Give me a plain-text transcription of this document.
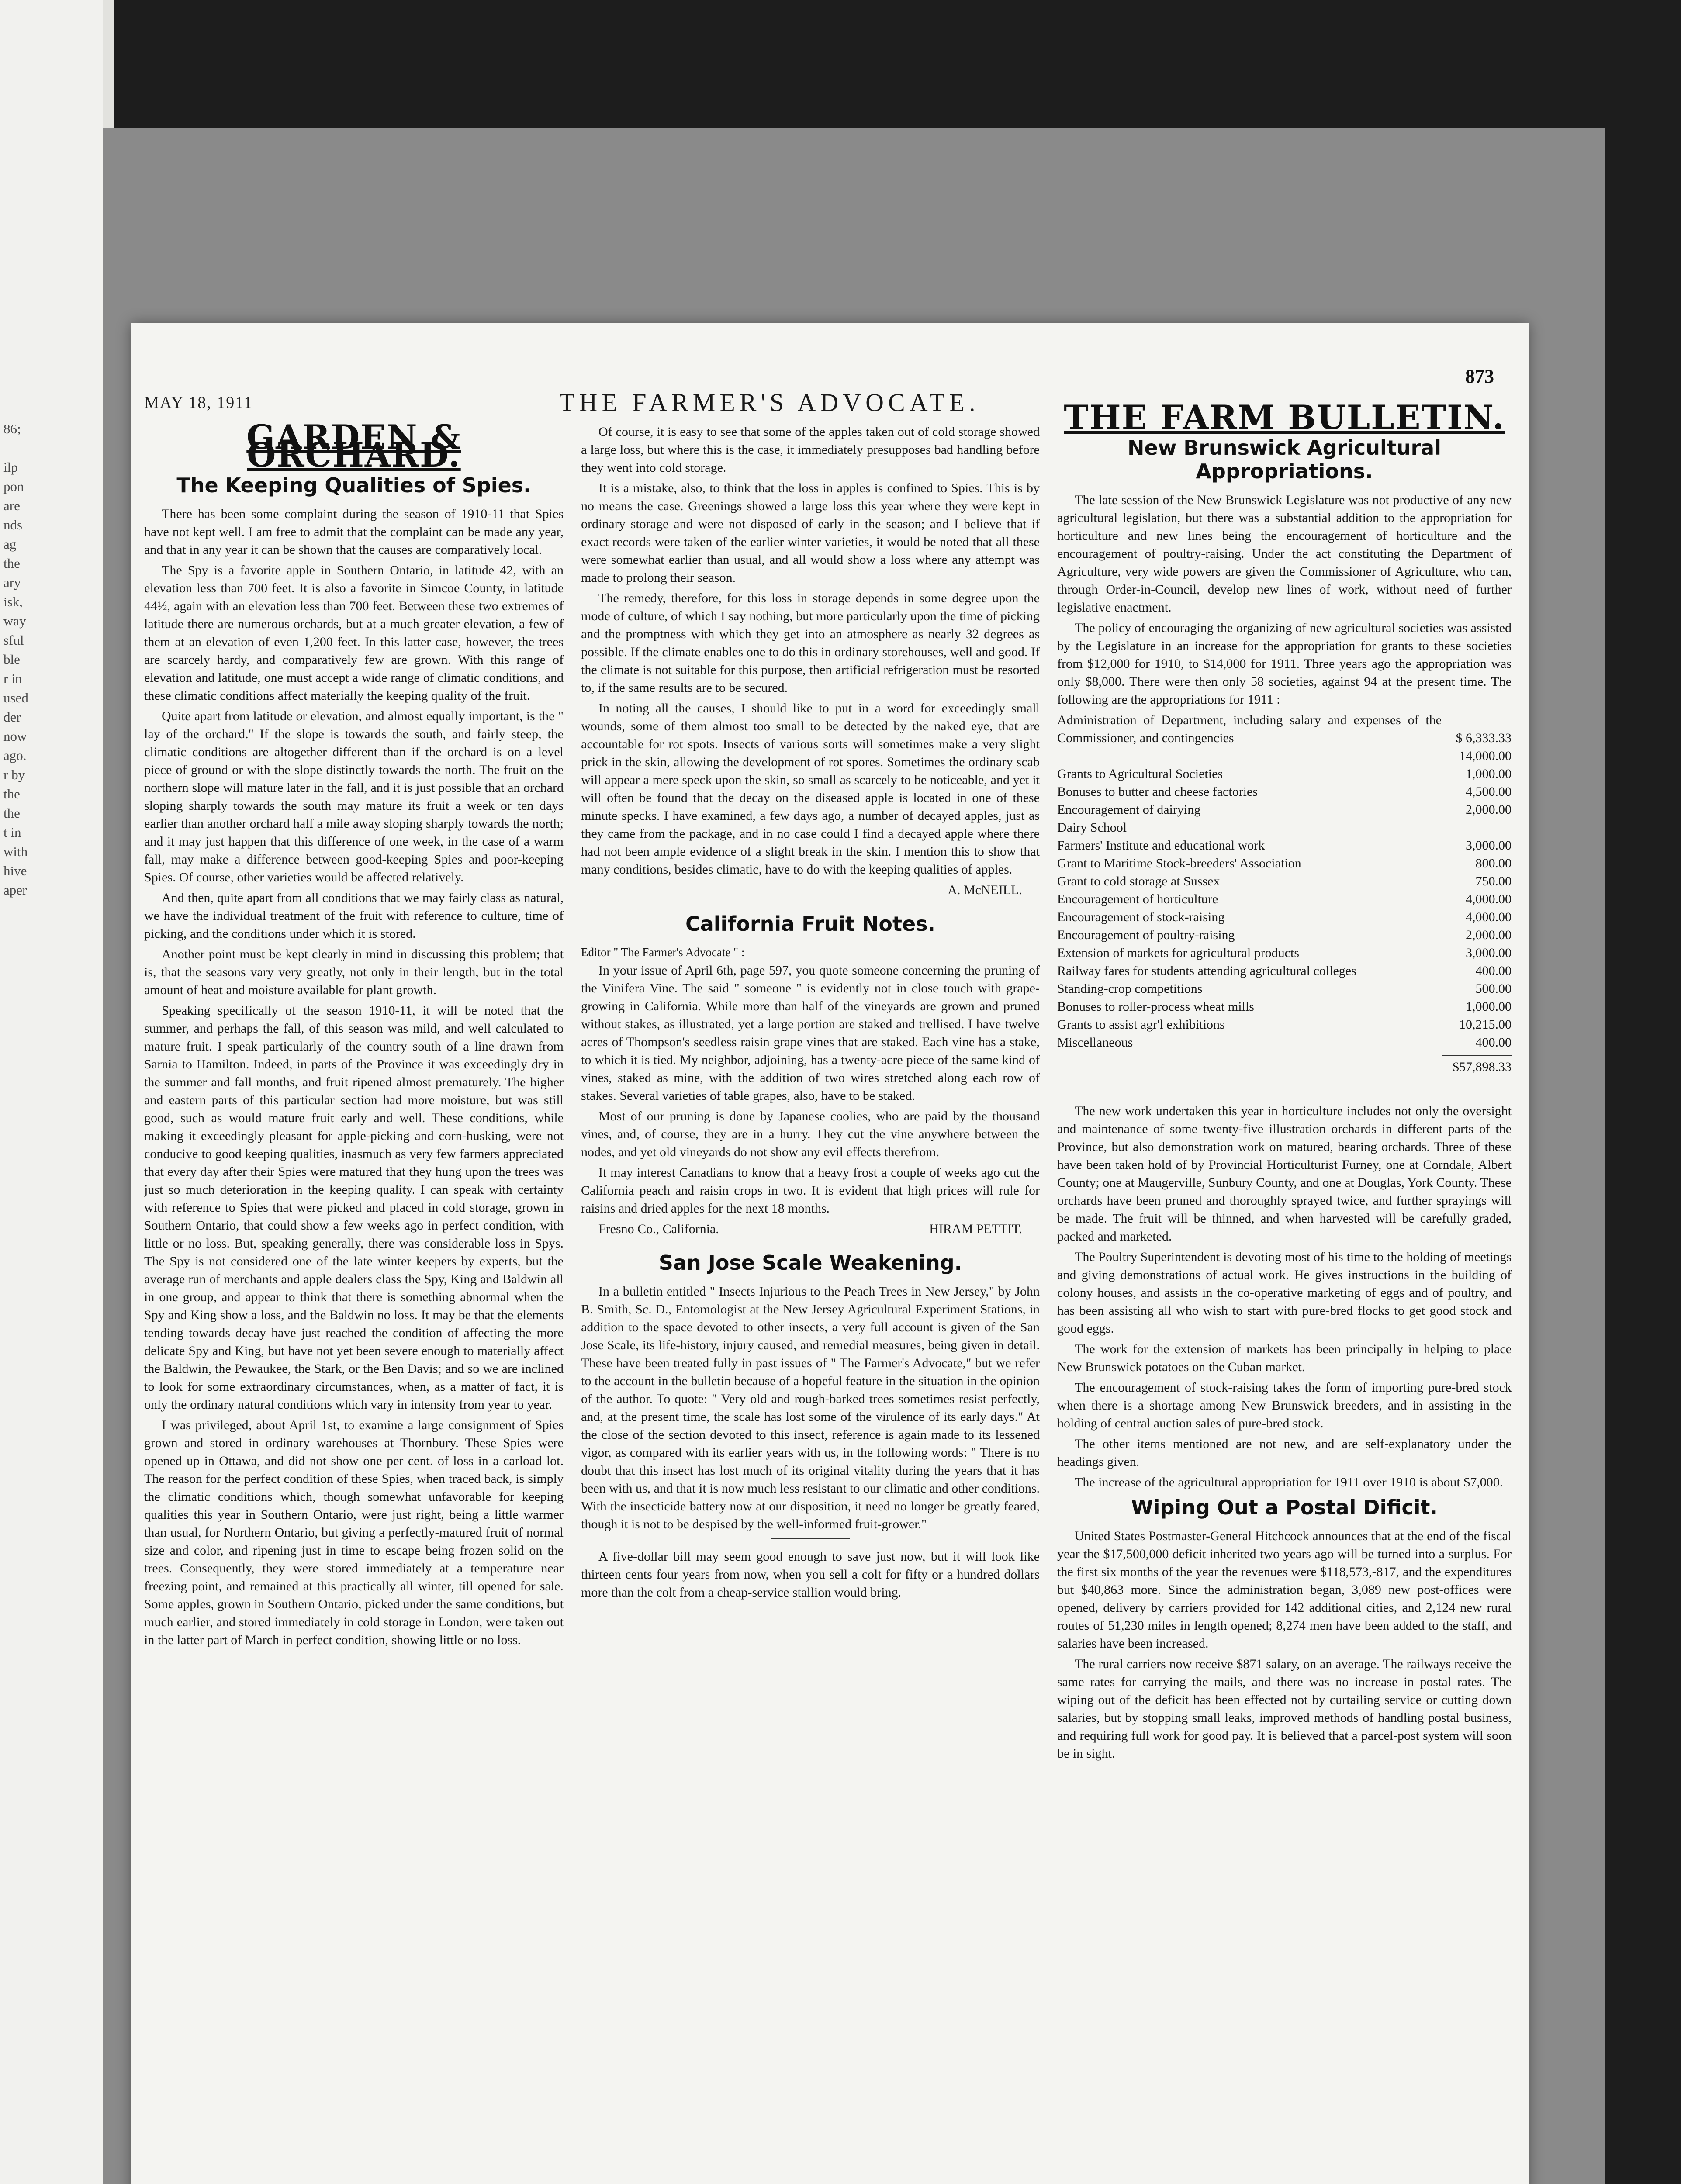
86;

ilp
pon
are
nds
ag
the
ary
isk,
way
sful
ble
r in
used
der
now
ago.
r by
the
the
t in
with
hive
aper
873
MAY 18, 1911	THE FARMER'S ADVOCATE.
GARDEN & ORCHARD.
The Keeping Qualities of Spies.

There has been some complaint during the season of 1910-11 that Spies have not kept well. I am free to admit that the complaint can be made any year, and that in any year it can be shown that the causes are comparatively local.

The Spy is a favorite apple in Southern Ontario, in latitude 42, with an elevation less than 700 feet. It is also a favorite in Simcoe County, in latitude 44½, again with an elevation less than 700 feet. Between these two extremes of latitude there are numerous orchards, but at a much greater elevation, a few of them at an elevation of even 1,200 feet. In this latter case, however, the trees are scarcely hardy, and comparatively few are grown. With this range of elevation and latitude, one must accept a wide range of climatic conditions, and these climatic conditions affect materially the keeping quality of the fruit.

Quite apart from latitude or elevation, and almost equally important, is the " lay of the orchard." If the slope is towards the south, and fairly steep, the climatic conditions are altogether different than if the orchard is on a level piece of ground or with the slope distinctly towards the north. The fruit on the northern slope will mature later in the fall, and it is just possible that an orchard sloping sharply towards the south may mature its fruit a week or ten days earlier than another orchard half a mile away sloping sharply towards the north; and it may just happen that this difference of one week, in the case of a warm fall, may make a difference between good-keeping Spies and poor-keeping Spies. Of course, other varieties would be affected relatively.

And then, quite apart from all conditions that we may fairly class as natural, we have the individual treatment of the fruit with reference to culture, time of picking, and the conditions under which it is stored.

Another point must be kept clearly in mind in discussing this problem; that is, that the seasons vary very greatly, not only in their length, but in the total amount of heat and moisture available for plant growth.

Speaking specifically of the season 1910-11, it will be noted that the summer, and perhaps the fall, of this season was mild, and well calculated to mature fruit. I speak particularly of the country south of a line drawn from Sarnia to Hamilton. Indeed, in parts of the Province it was exceedingly dry in the summer and fall months, and fruit ripened almost prematurely. The higher and eastern parts of this particular section had more moisture, but was still good, such as would mature fruit early and well. These conditions, while making it exceedingly pleasant for apple-picking and corn-husking, were not conducive to good keeping qualities, inasmuch as very few farmers appreciated that every day after their Spies were matured that they hung upon the trees was just so much deterioration in the keeping quality. I can speak with certainty with reference to Spies that were picked and placed in cold storage, grown in Southern Ontario, that could show a few weeks ago in perfect condition, with little or no loss. But, speaking generally, there was considerable loss in Spys. The Spy is not considered one of the late winter keepers by experts, but the average run of merchants and apple dealers class the Spy, King and Baldwin all in one group, and appear to think that there is something abnormal when the Spy and King show a loss, and the Baldwin no loss. It may be that the elements tending towards decay have just reached the condition of affecting the more delicate Spy and King, but have not yet been severe enough to materially affect the Baldwin, the Pewaukee, the Stark, or the Ben Davis; and so we are inclined to look for some extraordinary circumstances, when, as a matter of fact, it is only the ordinary natural conditions which vary in intensity from year to year.

I was privileged, about April 1st, to examine a large consignment of Spies grown and stored in ordinary warehouses at Thornbury. These Spies were opened up in Ottawa, and did not show one per cent. of loss in a carload lot. The reason for the perfect condition of these Spies, when traced back, is simply the climatic conditions which, though somewhat unfavorable for keeping qualities this year in Southern Ontario, were just right, being a little warmer than usual, for Northern Ontario, but giving a perfectly-matured fruit of normal size and color, and ripening just in time to escape being frozen solid on the trees. Consequently, they were stored immediately at a temperature near freezing point, and remained at this practically all winter, till opened for sale. Some apples, grown in Southern Ontario, picked under the same conditions, but much earlier, and stored immediately in cold storage in London, were taken out in the latter part of March in perfect condition, showing little or no loss.

Of course, it is easy to see that some of the apples taken out of cold storage showed a large loss, but where this is the case, it immediately presupposes bad handling before they went into cold storage.

It is a mistake, also, to think that the loss in apples is confined to Spies. This is by no means the case. Greenings showed a large loss this year where they were kept in ordinary storage and were not disposed of early in the season; and I believe that if exact records were taken of the earlier winter varieties, it would be noted that all these were somewhat earlier than usual, and all would show a loss where any attempt was made to prolong their season.

The remedy, therefore, for this loss in storage depends in some degree upon the mode of culture, of which I say nothing, but more particularly upon the time of picking and the promptness with which they get into an atmosphere as nearly 32 degrees as possible. If the climate enables one to do this in ordinary storehouses, well and good. If the climate is not suitable for this purpose, then artificial refrigeration must be resorted to, if the same results are to be secured.

In noting all the causes, I should like to put in a word for exceedingly small wounds, some of them almost too small to be detected by the naked eye, that are accountable for rot spots. Insects of various sorts will sometimes make a very slight prick in the skin, allowing the development of rot spores. Sometimes the ordinary scab will appear a mere speck upon the skin, so small as scarcely to be noticeable, and yet it will often be found that the decay on the diseased apple is located in one of these minute specks. I have examined, a few days ago, a number of decayed apples, just as they came from the package, and in no case could I find a decayed apple where there had not been ample evidence of a slight break in the skin. I mention this to show that many conditions, besides climatic, have to do with the keeping qualities of apples.

A. McNEILL.
California Fruit Notes.
Editor " The Farmer's Advocate " :

In your issue of April 6th, page 597, you quote someone concerning the pruning of the Vinifera Vine. The said " someone " is evidently not in close touch with grape-growing in California. While more than half of the vineyards are grown and pruned without stakes, as illustrated, yet a large portion are staked and trellised. I have twelve acres of Thompson's seedless raisin grape vines that are staked. Each vine has a stake, to which it is tied. My neighbor, adjoining, has a twenty-acre piece of the same kind of vines, staked as mine, with the addition of two wires stretched along each row of stakes. Several varieties of table grapes, also, have to be staked.

Most of our pruning is done by Japanese coolies, who are paid by the thousand vines, and, of course, they are in a hurry. They cut the vine anywhere between the nodes, and yet old vineyards do not show any evil effects therefrom.

It may interest Canadians to know that a heavy frost a couple of weeks ago cut the California peach and raisin crops in two. It is evident that high prices will rule for raisins and dried apples for the next 18 months.

Fresno Co., California.	HIRAM PETTIT.
San Jose Scale Weakening.

In a bulletin entitled " Insects Injurious to the Peach Trees in New Jersey," by John B. Smith, Sc. D., Entomologist at the New Jersey Agricultural Experiment Stations, in addition to the space devoted to other insects, a very full account is given of the San Jose Scale, its life-history, injury caused, and remedial measures, being given in detail. These have been treated fully in past issues of " The Farmer's Advocate," but we refer to the account in the bulletin because of a hopeful feature in the situation in the opinion of the author. To quote: " Very old and rough-barked trees sometimes resist perfectly, and, at the present time, the scale has lost some of the virulence of its early days." At the close of the section devoted to this insect, reference is again made to its lessened vigor, as compared with its earlier years with us, in the following words: " There is no doubt that this insect has lost much of its original vitality during the years that it has been with us, and that it is now much less resistant to our climatic and other conditions. With the insecticide battery now at our disposition, it need no longer be greatly feared, though it is not to be despised by the well-informed fruit-grower."

A five-dollar bill may seem good enough to save just now, but it will look like thirteen cents four years from now, when you sell a colt for fifty or a hundred dollars more than the colt from a cheap-service stallion would bring.

THE FARM BULLETIN.
New Brunswick Agricultural Appropriations.

The late session of the New Brunswick Legislature was not productive of any new agricultural legislation, but there was a substantial addition to the appropriation for horticulture and new lines being the encouragement of horticulture and the encouragement of poultry-raising. Under the act constituting the Department of Agriculture, very wide powers are given the Commissioner of Agriculture, who can, through Order-in-Council, develop new lines of work, without need of further legislative enactment.

The policy of encouraging the organizing of new agricultural societies was assisted by the Legislature in an increase for the appropriation for grants to these societies from $12,000 for 1910, to $14,000 for 1911. Three years ago the appropriation was only $8,000. There were then only 58 societies, against 94 at the present time. The following are the appropriations for 1911 :

Administration of Department, including salary and expenses of the Commissioner, and contingencies	$ 6,333.33
	14,000.00
Grants to Agricultural Societies	1,000.00
Bonuses to butter and cheese factories	4,500.00
Encouragement of dairying	2,000.00
Dairy School	
Farmers' Institute and educational work	3,000.00
Grant to Maritime Stock-breeders' Association	800.00
Grant to cold storage at Sussex	750.00
Encouragement of horticulture	4,000.00
Encouragement of stock-raising	4,000.00
Encouragement of poultry-raising	2,000.00
Extension of markets for agricultural products	3,000.00
Railway fares for students attending agricultural colleges	400.00
Standing-crop competitions	500.00
Bonuses to roller-process wheat mills	1,000.00
Grants to assist agr'l exhibitions	10,215.00
Miscellaneous	400.00
$57,898.33

The new work undertaken this year in horticulture includes not only the oversight and maintenance of some twenty-five illustration orchards in different parts of the Province, but also demonstration work on matured, bearing orchards. Three of these have been taken hold of by Provincial Horticulturist Furney, one at Corndale, Albert County; one at Maugerville, Sunbury County, and one at Douglas, York County. These orchards have been pruned and thoroughly sprayed twice, and further sprayings will be made. The fruit will be thinned, and when harvested will be carefully graded, packed and marketed.

The Poultry Superintendent is devoting most of his time to the holding of meetings and giving demonstrations of actual work. He gives instructions in the building of colony houses, and assists in the co-operative marketing of eggs and of poultry, and has been assisting all who wish to start with pure-bred flocks to get good stock and good eggs.

The work for the extension of markets has been principally in helping to place New Brunswick potatoes on the Cuban market.

The encouragement of stock-raising takes the form of importing pure-bred stock when there is a shortage among New Brunswick breeders, and in assisting in the holding of central auction sales of pure-bred stock.

The other items mentioned are not new, and are self-explanatory under the headings given.

The increase of the agricultural appropriation for 1911 over 1910 is about $7,000.

Wiping Out a Postal Dificit.

United States Postmaster-General Hitchcock announces that at the end of the fiscal year the $17,500,000 deficit inherited two years ago will be turned into a surplus. For the first six months of the year the revenues were $118,573,-817, and the expenditures but $40,863 more. Since the administration began, 3,089 new post-offices were opened, delivery by carriers provided for 142 additional cities, and 2,124 new rural routes of 51,230 miles in length opened; 8,274 men have been added to the staff, and salaries have been increased.

The rural carriers now receive $871 salary, on an average. The railways receive the same rates for carrying the mails, and there was no increase in postal rates. The wiping out of the deficit has been effected not by curtailing service or cutting down salaries, but by stopping small leaks, improved methods of handling postal business, and requiring full work for good pay. It is believed that a parcel-post system will soon be in sight.
